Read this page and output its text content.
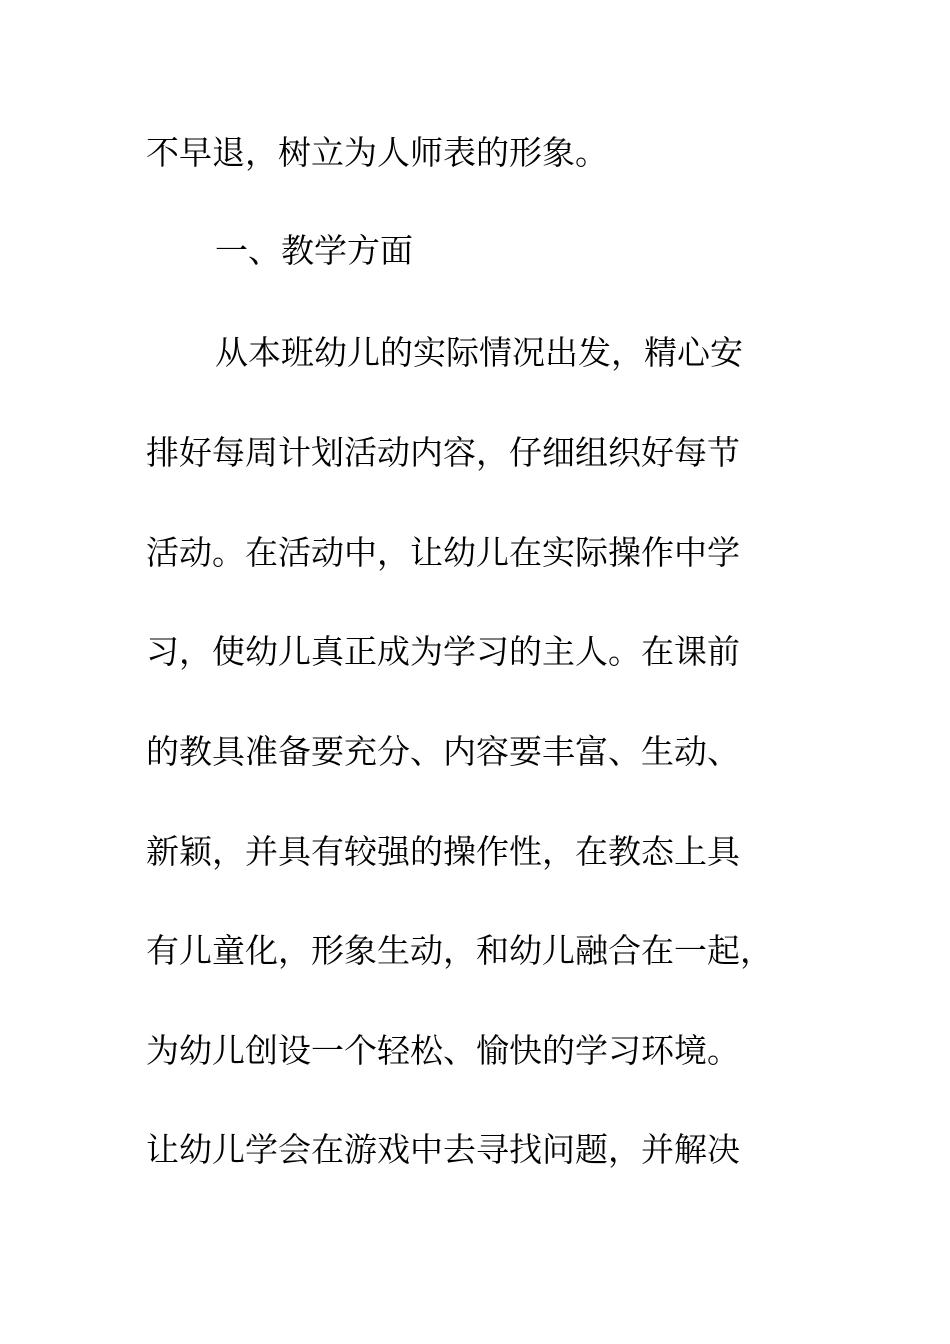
不早退，树立为人师表的形象。
一、教学方面
从本班幼儿的实际情况出发，精心安
排好每周计划活动内容，仔细组织好每节
活动。在活动中，让幼儿在实际操作中学
习，使幼儿真正成为学习的主人。在课前
的教具准备要充分、内容要丰富、生动、
新颖，并具有较强的操作性，在教态上具
有儿童化，形象生动，和幼儿融合在一起，
为幼儿创设一个轻松、愉快的学习环境。
让幼儿学会在游戏中去寻找问题，并解决
